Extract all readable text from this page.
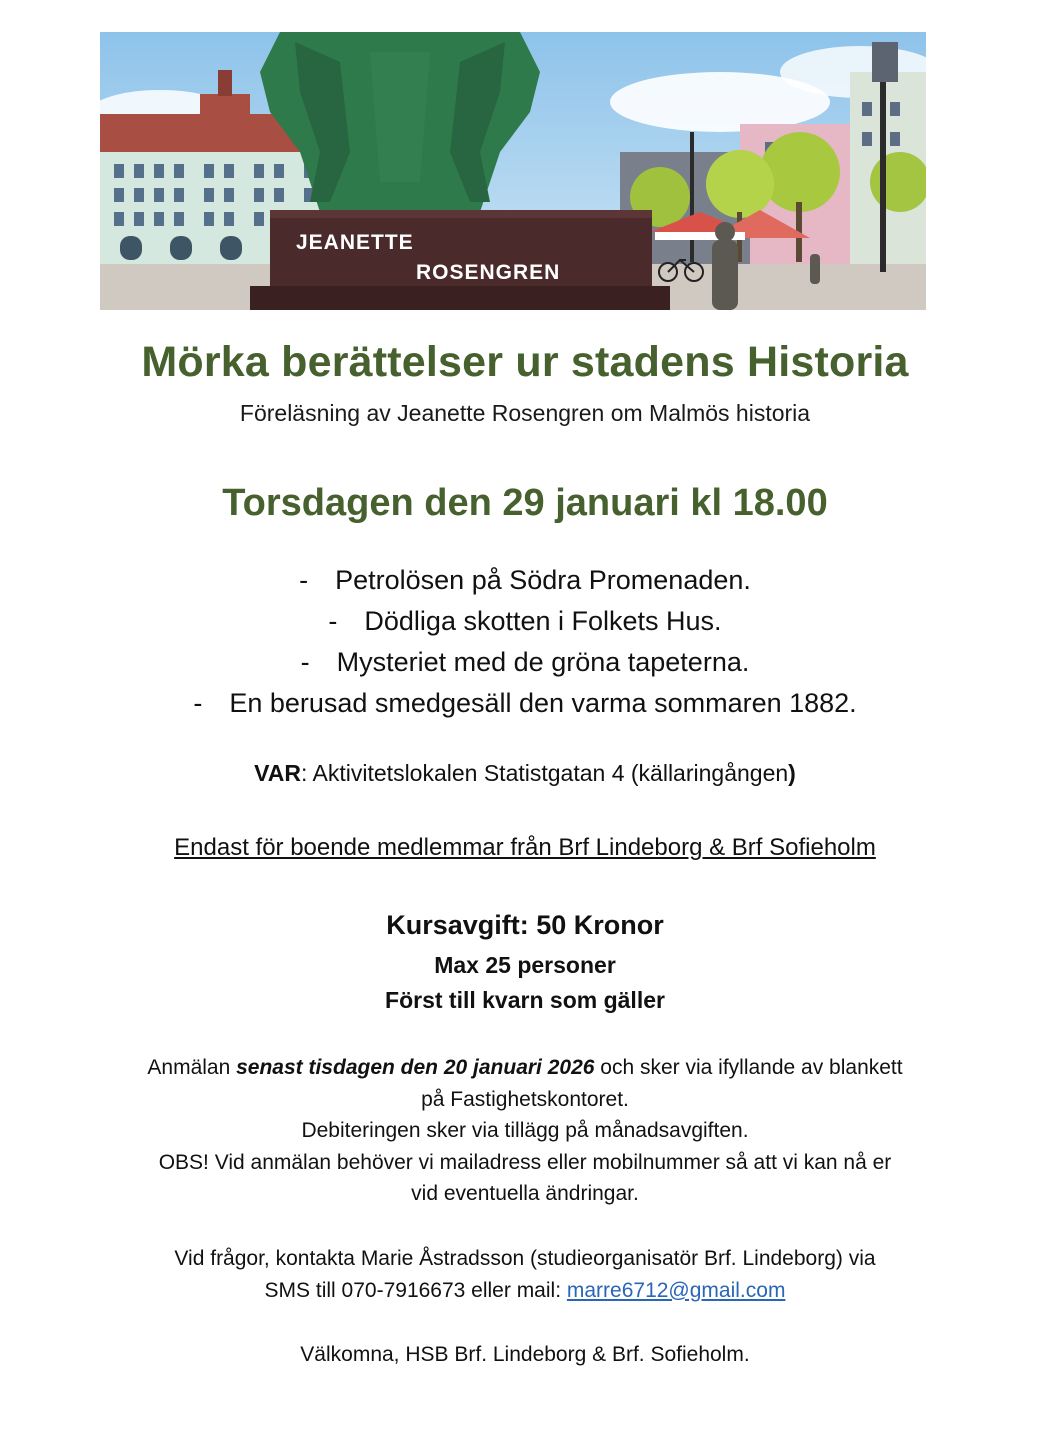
JEANETTE
ROSENGREN
Mörka berättelser ur stadens Historia
Föreläsning av Jeanette Rosengren om Malmös historia
Torsdagen den 29 januari kl 18.00
- Petrolösen på Södra Promenaden.
- Dödliga skotten i Folkets Hus.
- Mysteriet med de gröna tapeterna.
- En berusad smedgesäll den varma sommaren 1882.
VAR: Aktivitetslokalen Statistgatan 4 (källaringången)
Endast för boende medlemmar från Brf Lindeborg & Brf Sofieholm
Kursavgift: 50 Kronor
Max 25 personer
Först till kvarn som gäller
Anmälan senast tisdagen den 20 januari 2026 och sker via ifyllande av blankett
på Fastighetskontoret.
Debiteringen sker via tillägg på månadsavgiften.
OBS! Vid anmälan behöver vi mailadress eller mobilnummer så att vi kan nå er
vid eventuella ändringar.
Vid frågor, kontakta Marie Åstradsson (studieorganisatör Brf. Lindeborg) via
SMS till 070-7916673 eller mail: marre6712@gmail.com
Välkomna, HSB Brf. Lindeborg & Brf. Sofieholm.
